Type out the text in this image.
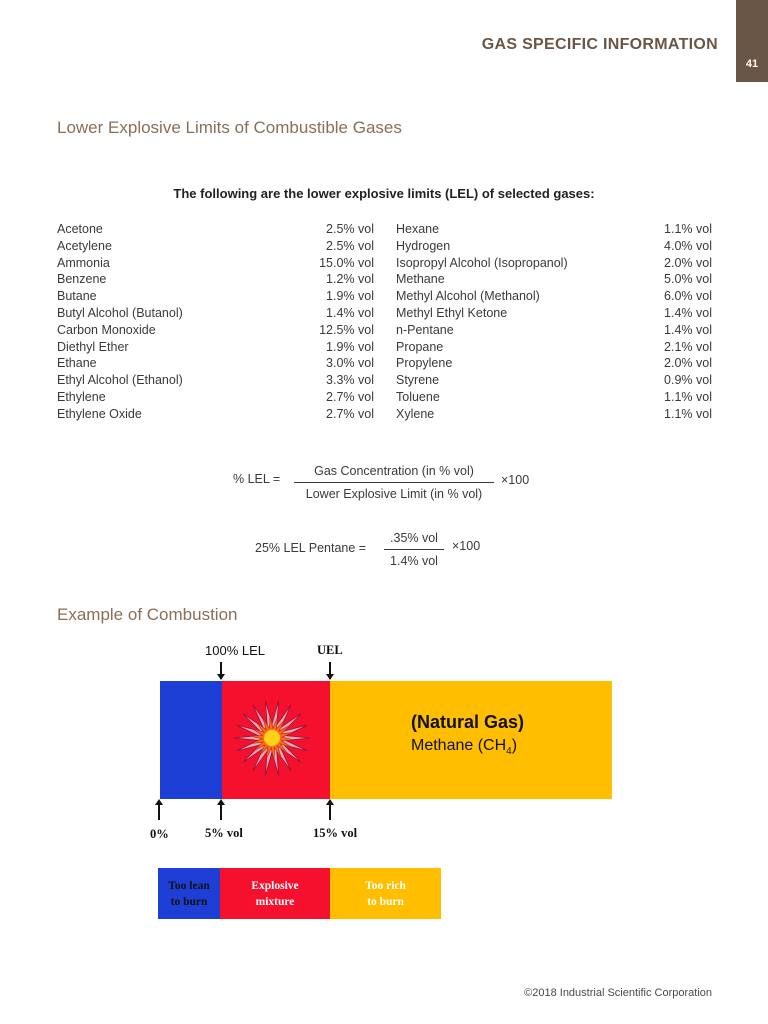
GAS SPECIFIC INFORMATION
41
Lower Explosive Limits of Combustible Gases
The following are the lower explosive limits (LEL) of selected gases:
Acetone	2.5% vol
Acetylene	2.5% vol
Ammonia	15.0% vol
Benzene	1.2% vol
Butane	1.9% vol
Butyl Alcohol (Butanol)	1.4% vol
Carbon Monoxide	12.5% vol
Diethyl Ether	1.9% vol
Ethane	3.0% vol
Ethyl Alcohol (Ethanol)	3.3% vol
Ethylene	2.7% vol
Ethylene Oxide	2.7% vol
Hexane	1.1% vol
Hydrogen	4.0% vol
Isopropyl Alcohol (Isopropanol)	2.0% vol
Methane	5.0% vol
Methyl Alcohol (Methanol)	6.0% vol
Methyl Ethyl Ketone	1.4% vol
n-Pentane	1.4% vol
Propane	2.1% vol
Propylene	2.0% vol
Styrene	0.9% vol
Toluene	1.1% vol
Xylene	1.1% vol
% LEL =
Gas Concentration (in % vol)
Lower Explosive Limit (in % vol)
×100
25% LEL Pentane =
.35% vol
1.4% vol
×100
Example of Combustion
100% LEL	UEL
(Natural Gas)
Methane $(CH_4)$
0%	5% vol	15% vol
Too lean
to burn
Explosive
mixture
Too rich
to burn
©2018 Industrial Scientific Corporation
